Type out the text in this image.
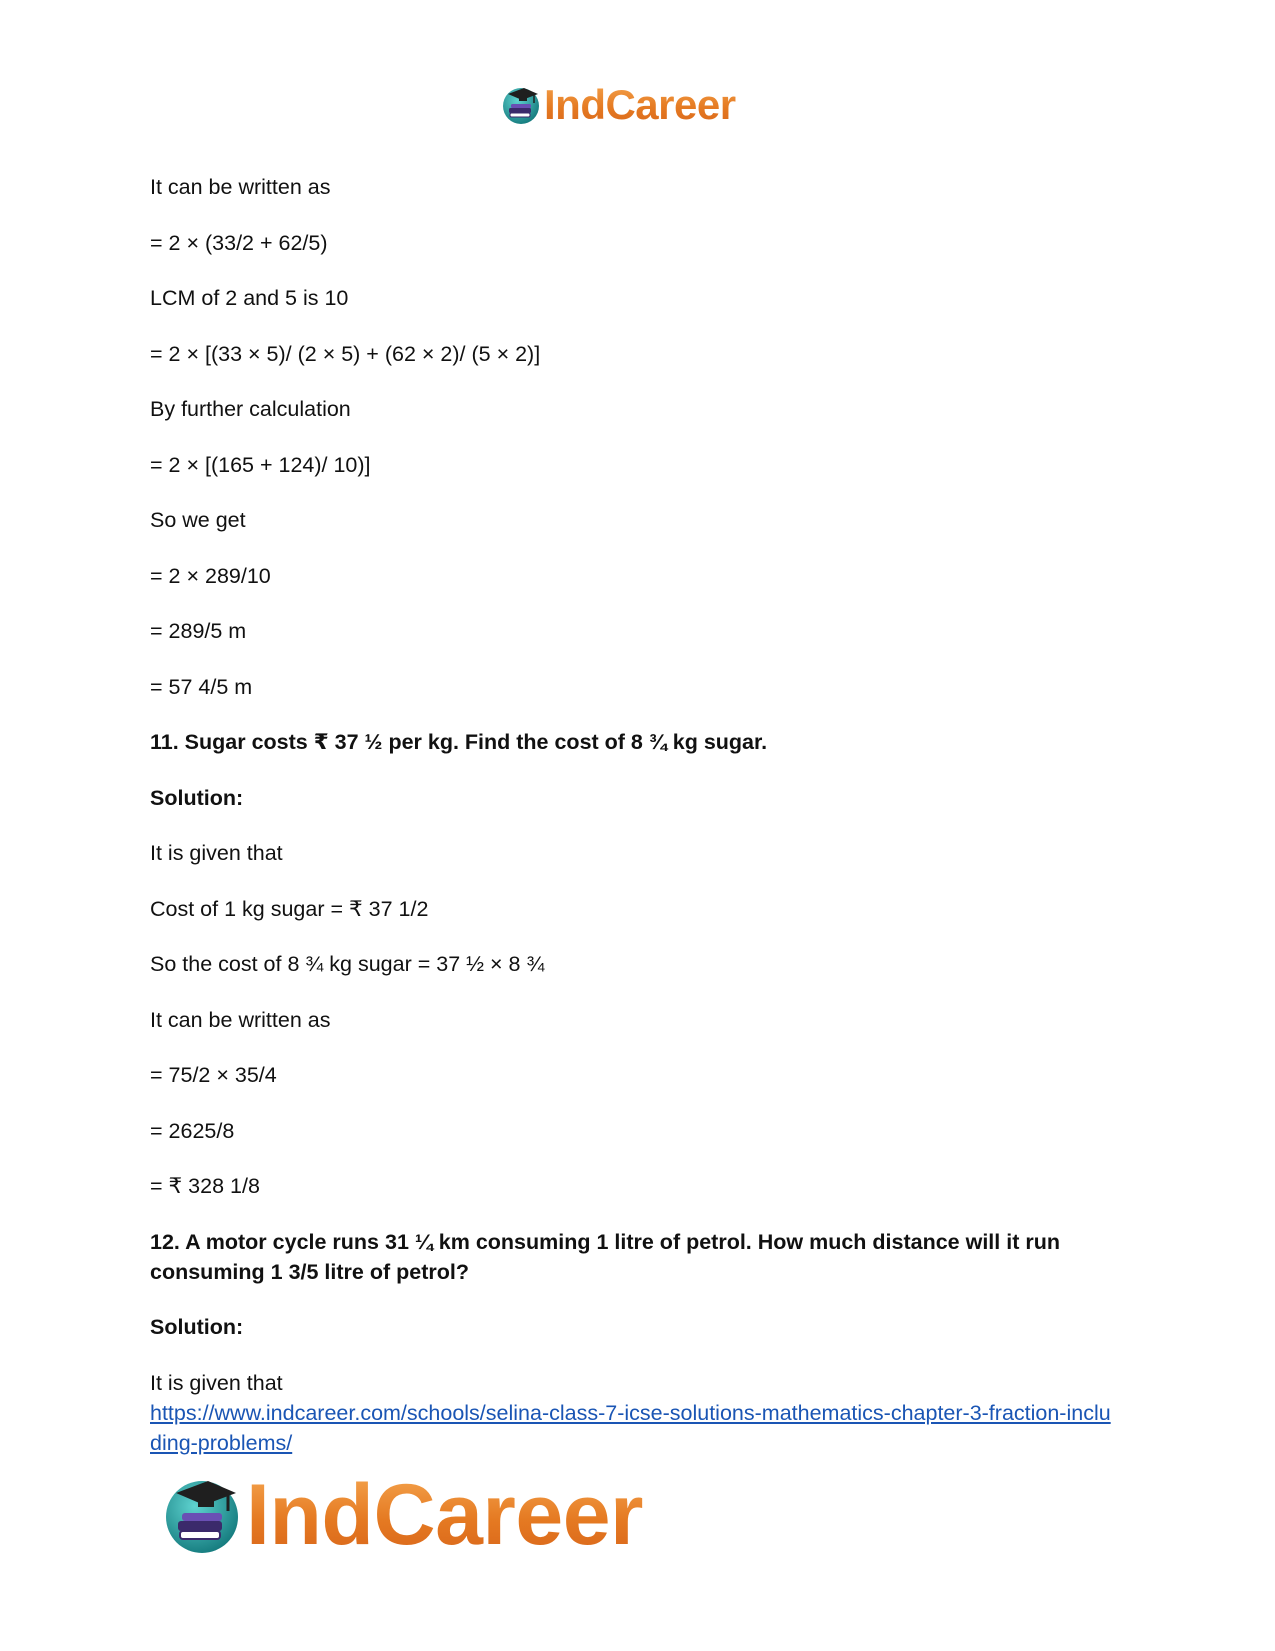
IndCareer
It can be written as
= 2 × (33/2 + 62/5)
LCM of 2 and 5 is 10
= 2 × [(33 × 5)/ (2 × 5) + (62 × 2)/ (5 × 2)]
By further calculation
= 2 × [(165 + 124)/ 10)]
So we get
= 2 × 289/10
= 289/5 m
= 57 4/5 m
11. Sugar costs ₹ 37 ½ per kg. Find the cost of 8 ¾ kg sugar.
Solution:
It is given that
Cost of 1 kg sugar = ₹ 37 1/2
So the cost of 8 ¾ kg sugar = 37 ½ × 8 ¾
It can be written as
= 75/2 × 35/4
= 2625/8
= ₹ 328 1/8
12. A motor cycle runs 31 ¼ km consuming 1 litre of petrol. How much distance will it run consuming 1 3/5 litre of petrol?
Solution:
It is given that
https://www.indcareer.com/schools/selina-class-7-icse-solutions-mathematics-chapter-3-fraction-including-problems/
IndCareer
